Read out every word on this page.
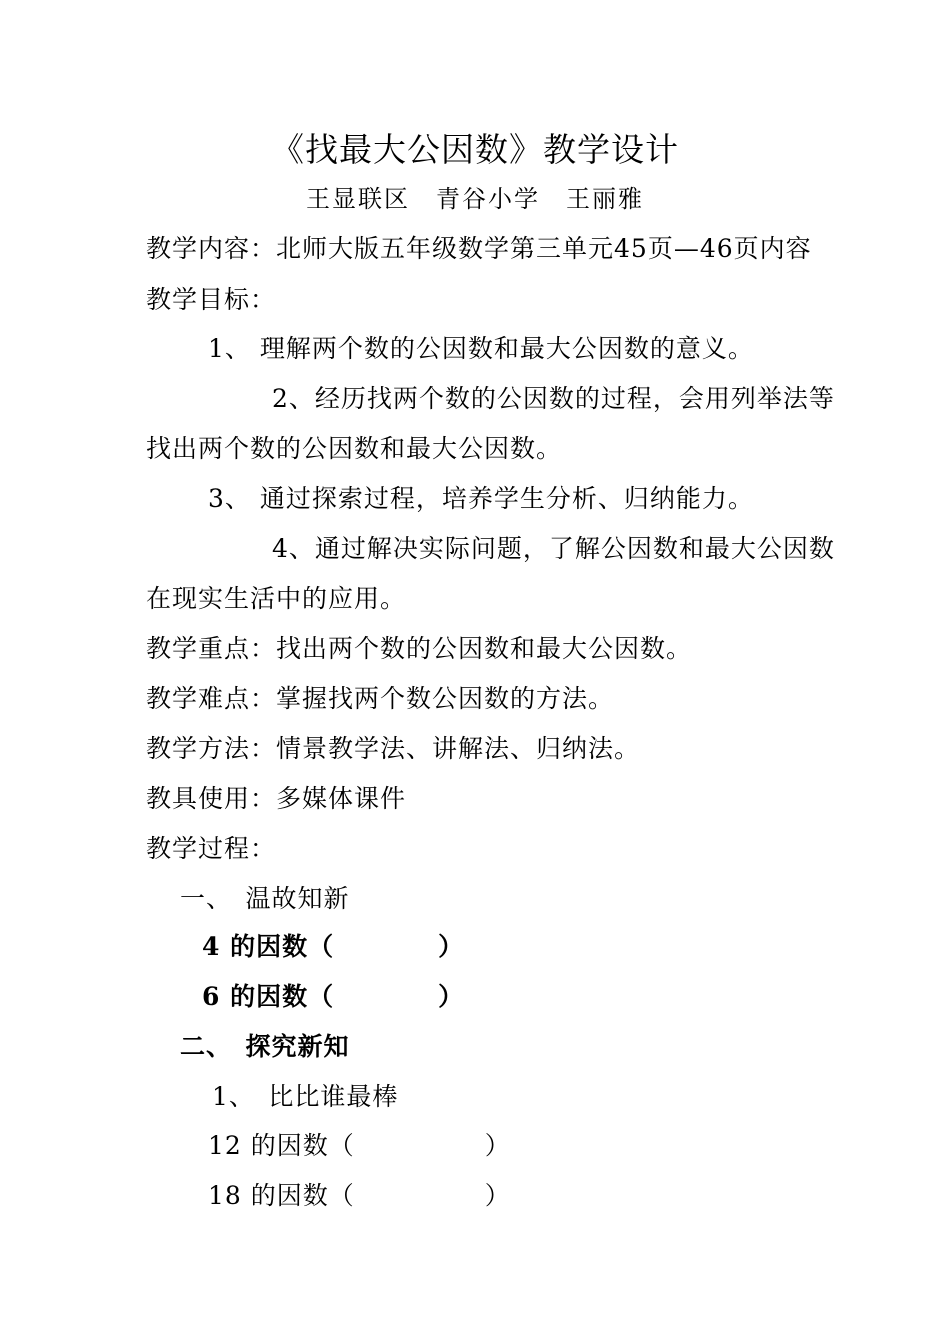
《找最大公因数》教学设计
王显联区　青谷小学　王丽雅
教学内容：北师大版五年级数学第三单元45页—46页内容
教学目标：
1、 理解两个数的公因数和最大公因数的意义。
2、经历找两个数的公因数的过程，会用列举法等
找出两个数的公因数和最大公因数。
3、 通过探索过程，培养学生分析、归纳能力。
4、通过解决实际问题，了解公因数和最大公因数
在现实生活中的应用。
教学重点：找出两个数的公因数和最大公因数。
教学难点：掌握找两个数公因数的方法。
教学方法：情景教学法、讲解法、归纳法。
教具使用：多媒体课件
教学过程：
一、　温故知新
4 的因数（　　　　）
6 的因数（　　　　）
二、　探究新知
1、　比比谁最棒
12 的因数（　　　　　）
18 的因数（　　　　　）
